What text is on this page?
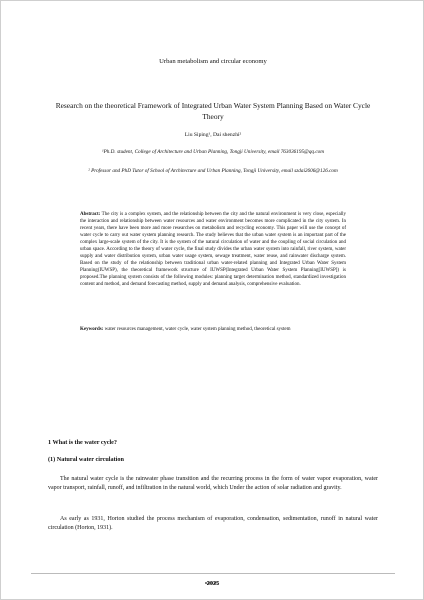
Urban metabolism and circular economy
Research on the theoretical Framework of Integrated Urban Water System Planning Based on Water Cycle Theory
Liu Siping¹, Dai shenzhi²
¹Ph.D. student, College of Architecture and Urban Planning, Tongji University, email 763036195@qq.com
² Professor and PhD Tutor of School of Architecture and Urban Planning, Tongji University, email szdai2606@126.com
Abstract: The city is a complex system, and the relationship between the city and the natural environment is very close, especially the interaction and relationship between water resources and water environment becomes more complicated in the city system. In recent years, there have been more and more researches on metabolism and recycling economy. This paper will use the concept of water cycle to carry out water system planning research. The study believes that the urban water system is an important part of the complex large-scale system of the city. It is the system of the natural circulation of water and the coupling of social circulation and urban space. According to the theory of water cycle, the final study divides the urban water system into rainfall, river system, water supply and water distribution system, urban water usage system, sewage treatment, water reuse, and rainwater discharge system. Based on the study of the relationship between traditional urban water-related planning and Integrated Urban Water System Planning(IUWSP), the theoretical framework structure of IUWSP(Integrated Urban Water System Planning[IUWSP]) is proposed.The planning system consists of the following modules: planning target determination method, standardized investigation content and method, and demand forecasting method, supply and demand analysis, comprehensive evaluation.
Keywords: water resources management, water cycle, water system planning method, theoretical system
1 What is the water cycle?
(1) Natural water circulation
The natural water cycle is the rainwater phase transition and the recurring process in the form of water vapor evaporation, water vapor transport, rainfall, runoff, and infiltration in the natural world, which Under the action of solar radiation and gravity.
As early as 1931, Horton studied the process mechanism of evaporation, condensation, sedimentation, runoff in natural water circulation (Horton, 1931).
2025
